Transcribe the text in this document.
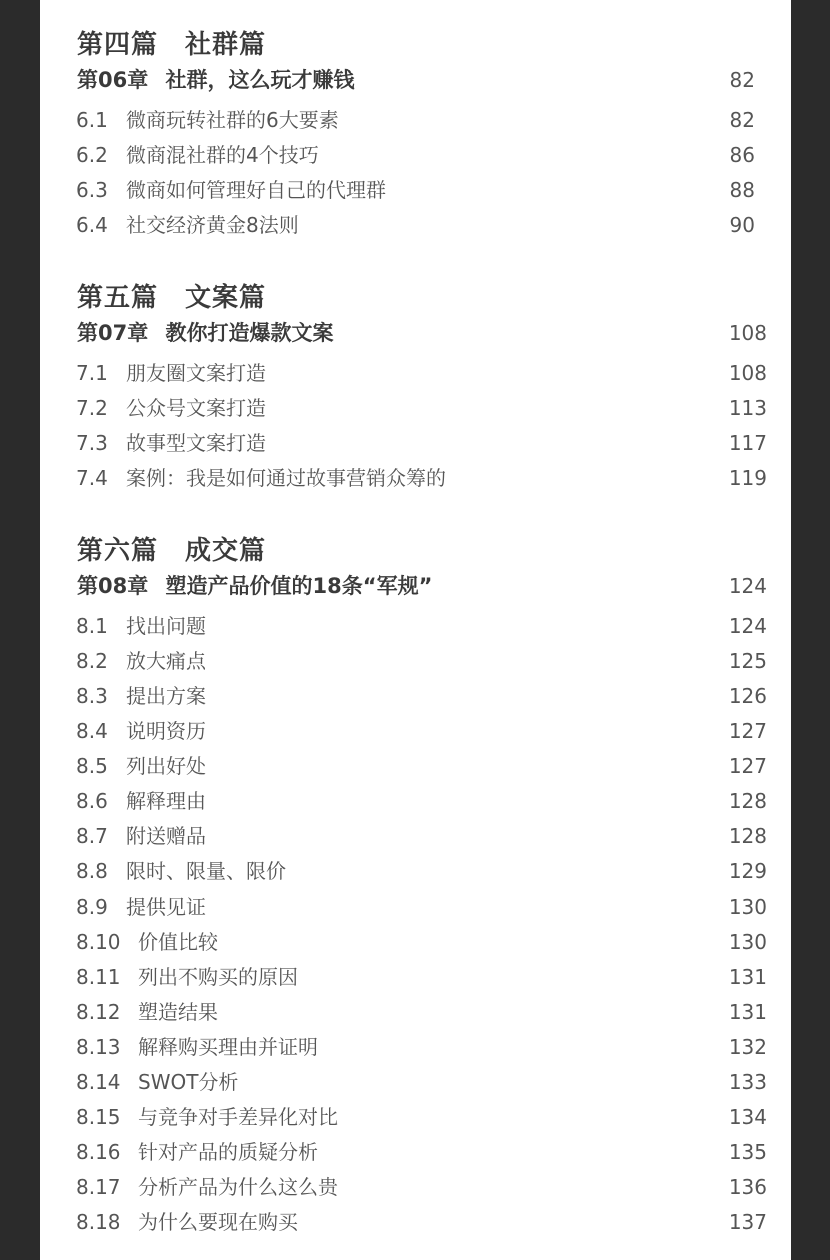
第四篇　社群篇
第06章 社群，这么玩才赚钱	82
6.1 微商玩转社群的6大要素	82
6.2 微商混社群的4个技巧	86
6.3 微商如何管理好自己的代理群	88
6.4 社交经济黄金8法则	90
第五篇　文案篇
第07章 教你打造爆款文案	108
7.1 朋友圈文案打造	108
7.2 公众号文案打造	113
7.3 故事型文案打造	117
7.4 案例：我是如何通过故事营销众筹的	119
第六篇　成交篇
第08章 塑造产品价值的18条“军规”	124
8.1 找出问题	124
8.2 放大痛点	125
8.3 提出方案	126
8.4 说明资历	127
8.5 列出好处	127
8.6 解释理由	128
8.7 附送赠品	128
8.8 限时、限量、限价	129
8.9 提供见证	130
8.10 价值比较	130
8.11 列出不购买的原因	131
8.12 塑造结果	131
8.13 解释购买理由并证明	132
8.14 SWOT分析	133
8.15 与竞争对手差异化对比	134
8.16 针对产品的质疑分析	135
8.17 分析产品为什么这么贵	136
8.18 为什么要现在购买	137
